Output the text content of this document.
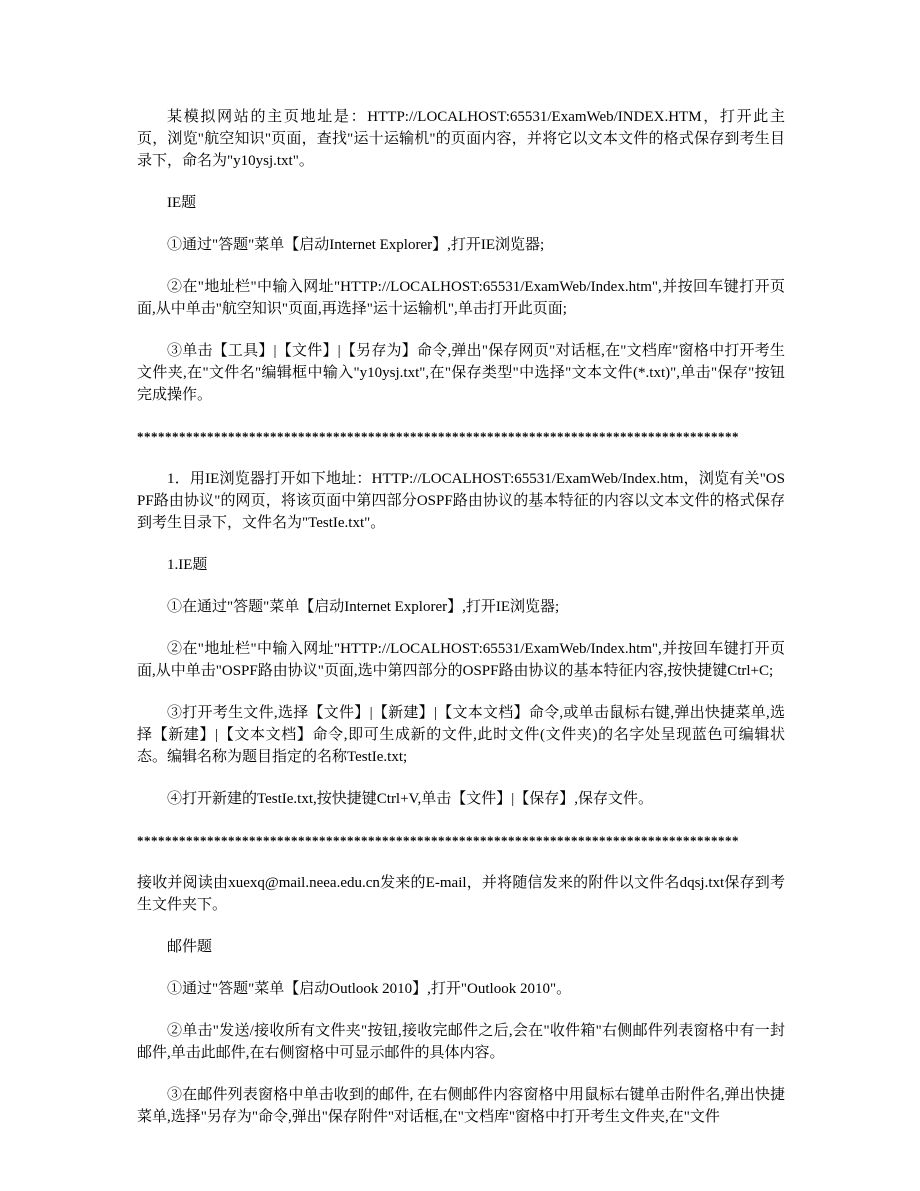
某模拟网站的主页地址是：HTTP://LOCALHOST:65531/ExamWeb/INDEX.HTM，打开此主页，浏览"航空知识"页面，查找"运十运输机"的页面内容，并将它以文本文件的格式保存到考生目录下，命名为"y10ysj.txt"。

IE题

①通过"答题"菜单【启动Internet Explorer】,打开IE浏览器;

②在"地址栏"中输入网址"HTTP://LOCALHOST:65531/ExamWeb/Index.htm",并按回车键打开页面,从中单击"航空知识"页面,再选择"运十运输机",单击打开此页面;

③单击【工具】|【文件】|【另存为】命令,弹出"保存网页"对话框,在"文档库"窗格中打开考生文件夹,在"文件名"编辑框中输入"y10ysj.txt",在"保存类型"中选择"文本文件(*.txt)",单击"保存"按钮完成操作。

**************************************************************************************

1．用IE浏览器打开如下地址：HTTP://LOCALHOST:65531/ExamWeb/Index.htm，浏览有关"OSPF路由协议"的网页，将该页面中第四部分OSPF路由协议的基本特征的内容以文本文件的格式保存到考生目录下，文件名为"TestIe.txt"。

1.IE题

①在通过"答题"菜单【启动Internet Explorer】,打开IE浏览器;

②在"地址栏"中输入网址"HTTP://LOCALHOST:65531/ExamWeb/Index.htm",并按回车键打开页面,从中单击"OSPF路由协议"页面,选中第四部分的OSPF路由协议的基本特征内容,按快捷键Ctrl+C;

③打开考生文件,选择【文件】|【新建】|【文本文档】命令,或单击鼠标右键,弹出快捷菜单,选择【新建】|【文本文档】命令,即可生成新的文件,此时文件(文件夹)的名字处呈现蓝色可编辑状态。编辑名称为题目指定的名称TestIe.txt;

④打开新建的TestIe.txt,按快捷键Ctrl+V,单击【文件】|【保存】,保存文件。

**************************************************************************************

接收并阅读由xuexq@mail.neea.edu.cn发来的E-mail，并将随信发来的附件以文件名dqsj.txt保存到考生文件夹下。

邮件题

①通过"答题"菜单【启动Outlook 2010】,打开"Outlook 2010"。

②单击"发送/接收所有文件夹"按钮,接收完邮件之后,会在"收件箱"右侧邮件列表窗格中有一封邮件,单击此邮件,在右侧窗格中可显示邮件的具体内容。

③在邮件列表窗格中单击收到的邮件, 在右侧邮件内容窗格中用鼠标右键单击附件名,弹出快捷菜单,选择"另存为"命令,弹出"保存附件"对话框,在"文档库"窗格中打开考生文件夹,在"文件
